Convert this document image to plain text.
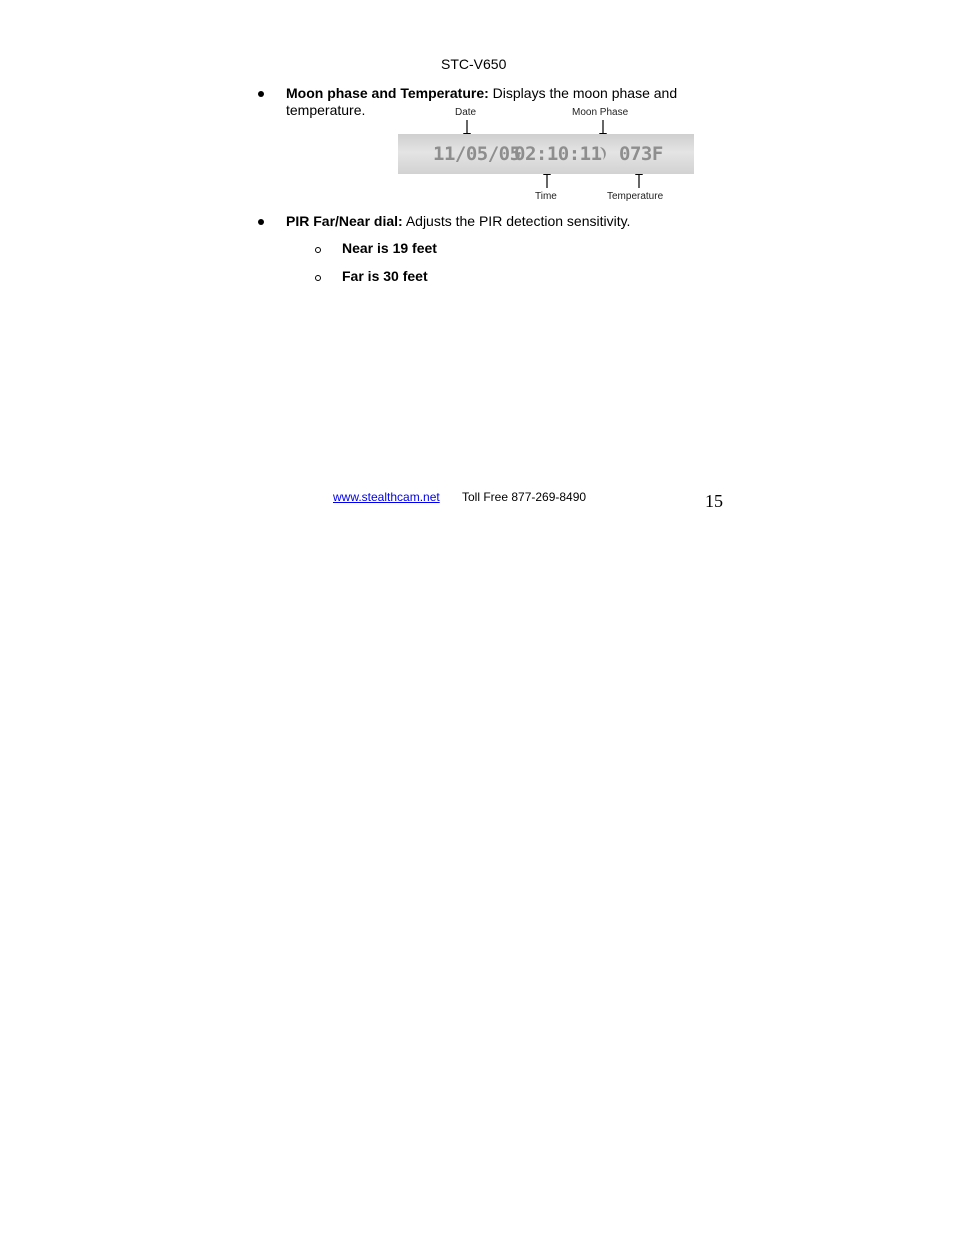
STC-V650
Moon phase and Temperature: Displays the moon phase and temperature.	Date	Moon Phase
Time	Temperature
11/05/05
02:10:11 073F
PIR Far/Near dial: Adjusts the PIR detection sensitivity.
Near is 19 feet
Far is 30 feet
www.stealthcam.net Toll Free 877-269-8490	15
